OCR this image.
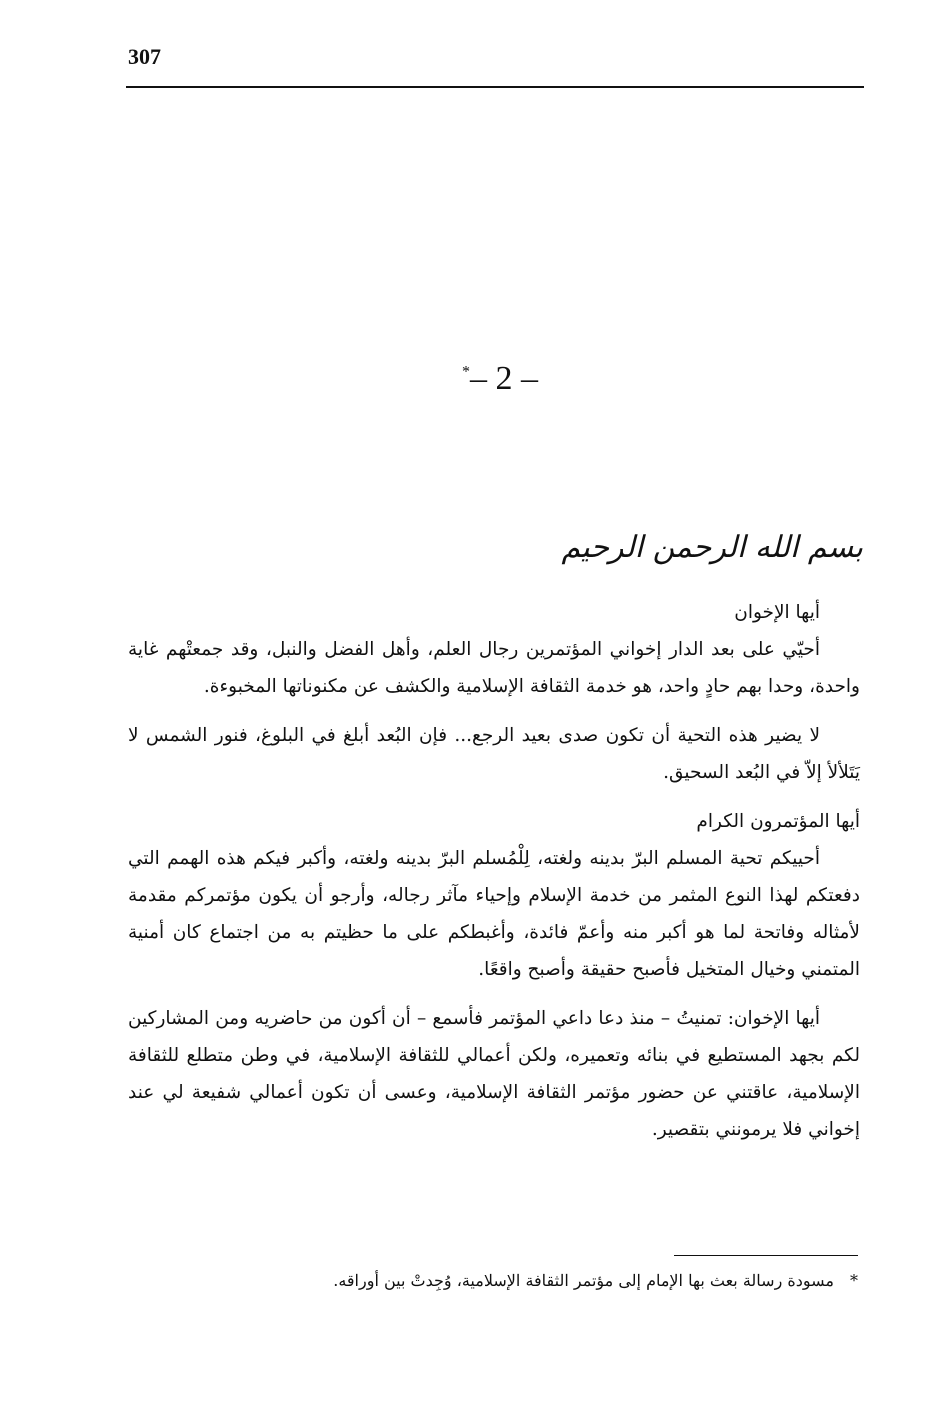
307
*– 2 –
بسم الله الرحمن الرحيم

أيها الإخوان

أحيّي على بعد الدار إخواني المؤتمرين رجال العلم، وأهل الفضل والنبل، وقد جمعتْهم غاية واحدة، وحدا بهم حادٍ واحد، هو خدمة الثقافة الإسلامية والكشف عن مكنوناتها المخبوءة.

لا يضير هذه التحية أن تكون صدى بعيد الرجع... فإن البُعد أبلغ في البلوغ، فنور الشمس لا يَتَلألأ إلاّ في البُعد السحيق.

أيها المؤتمرون الكرام

أحييكم تحية المسلم البرّ بدينه ولغته، لِلْمُسلم البرّ بدينه ولغته، وأكبر فيكم هذه الهمم التي دفعتكم لهذا النوع المثمر من خدمة الإسلام وإحياء مآثر رجاله، وأرجو أن يكون مؤتمركم مقدمة لأمثاله وفاتحة لما هو أكبر منه وأعمّ فائدة، وأغبطكم على ما حظيتم به من اجتماع كان أمنية المتمني وخيال المتخيل فأصبح حقيقة وأصبح واقعًا.

أيها الإخوان: تمنيتُ – منذ دعا داعي المؤتمر فأسمع – أن أكون من حاضريه ومن المشاركين لكم بجهد المستطيع في بنائه وتعميره، ولكن أعمالي للثقافة الإسلامية، في وطن متطلع للثقافة الإسلامية، عاقتني عن حضور مؤتمر الثقافة الإسلامية، وعسى أن تكون أعمالي شفيعة لي عند إخواني فلا يرمونني بتقصير.

*مسودة رسالة بعث بها الإمام إلى مؤتمر الثقافة الإسلامية، وُجِدتْ بين أوراقه.
